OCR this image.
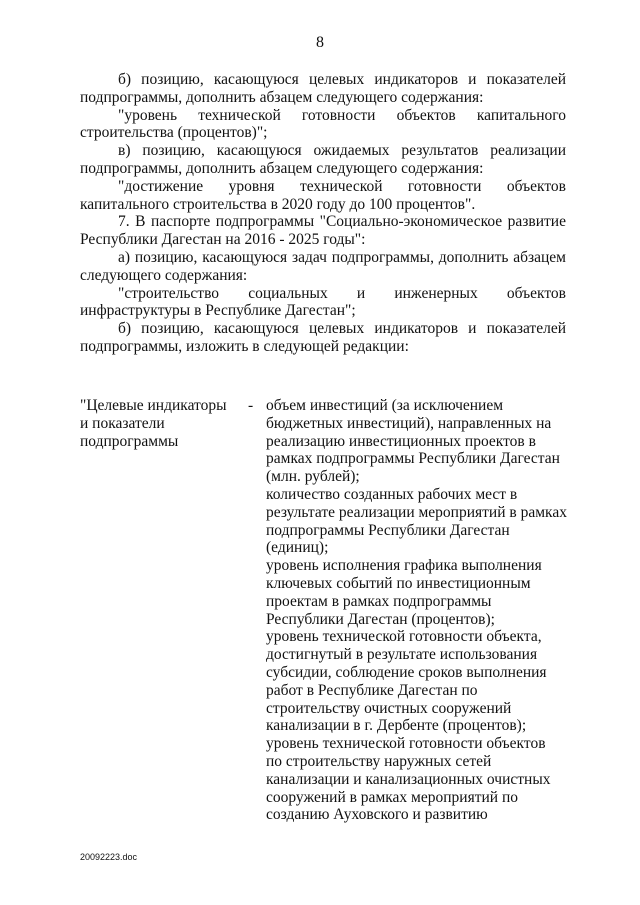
8

б) позицию, касающуюся целевых индикаторов и показателей подпрограммы, дополнить абзацем следующего содержания:

"уровень технической готовности объектов капитального строительства (процентов)";

в) позицию, касающуюся ожидаемых результатов реализации подпрограммы, дополнить абзацем следующего содержания:

"достижение уровня технической готовности объектов капитального строительства в 2020 году до 100 процентов".

7. В паспорте подпрограммы "Социально-экономическое развитие Республики Дагестан на 2016 - 2025 годы":

а) позицию, касающуюся задач подпрограммы, дополнить абзацем следующего содержания:

"строительство социальных и инженерных объектов инфраструктуры в Республике Дагестан";

б) позицию, касающуюся целевых индикаторов и показателей подпрограммы, изложить в следующей редакции:

"Целевые индикаторы
и показатели
подпрограммы
- объем инвестиций (за исключением
бюджетных инвестиций), направленных на
реализацию инвестиционных проектов в
рамках подпрограммы Республики Дагестан
(млн. рублей);
количество созданных рабочих мест в
результате реализации мероприятий в рамках
подпрограммы Республики Дагестан
(единиц);
уровень исполнения графика выполнения
ключевых событий по инвестиционным
проектам в рамках подпрограммы
Республики Дагестан (процентов);
уровень технической готовности объекта,
достигнутый в результате использования
субсидии, соблюдение сроков выполнения
работ в Республике Дагестан по
строительству очистных сооружений
канализации в г. Дербенте (процентов);
уровень технической готовности объектов
по строительству наружных сетей
канализации и канализационных очистных
сооружений в рамках мероприятий по
созданию Ауховского и развитию
20092223.doc
